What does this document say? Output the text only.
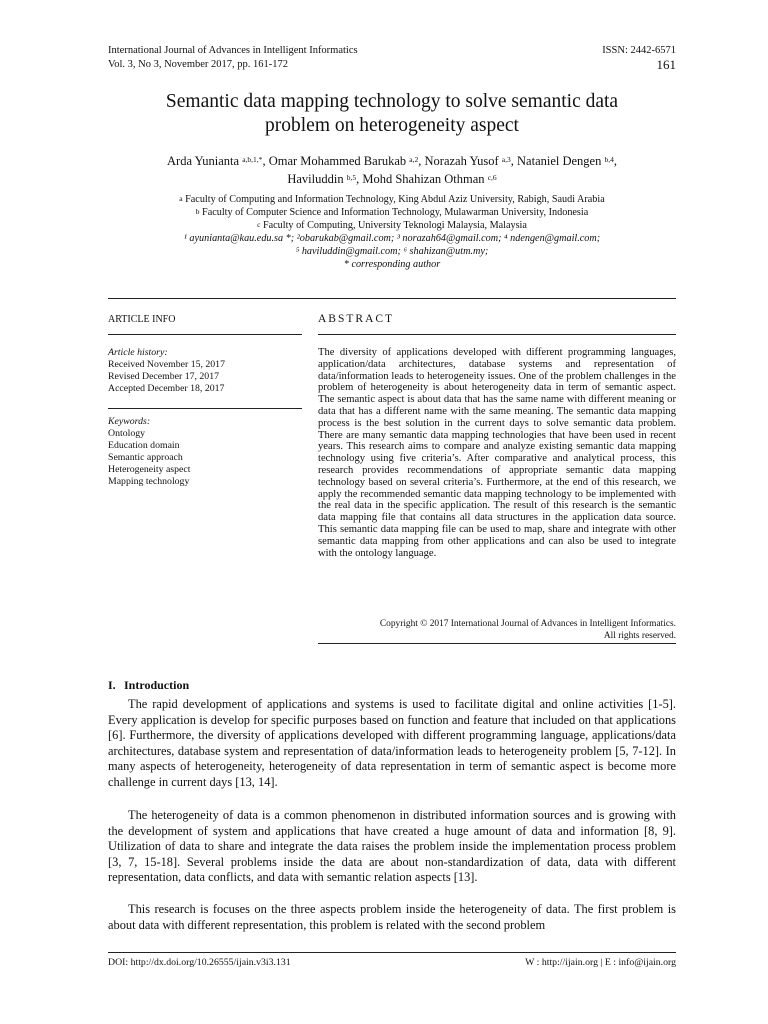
International Journal of Advances in Intelligent Informatics
Vol. 3, No 3, November 2017, pp. 161-172
ISSN: 2442-6571
161
Semantic data mapping technology to solve semantic data
problem on heterogeneity aspect
Arda Yunianta $^{a,b,1,*}$, Omar Mohammed Barukab $^{a,2}$, Norazah Yusof $^{a,3}$, Nataniel Dengen $^{b,4}$,
Haviluddin $^{b,5}$, Mohd Shahizan Othman $^{c,6}$
$^a$ Faculty of Computing and Information Technology, King Abdul Aziz University, Rabigh, Saudi Arabia
$^b$ Faculty of Computer Science and Information Technology, Mulawarman University, Indonesia
$^c$ Faculty of Computing, University Teknologi Malaysia, Malaysia
¹ ayunianta@kau.edu.sa *; ²obarukab@gmail.com; ³ norazah64@gmail.com; ⁴ ndengen@gmail.com;
⁵ haviluddin@gmail.com; ⁶ shahizan@utm.my;
* corresponding author
ARTICLE INFO	ABSTRACT
Article history:
Received November 15, 2017
Revised December 17, 2017
Accepted December 18, 2017
Keywords:
Ontology
Education domain
Semantic approach
Heterogeneity aspect
Mapping technology
The diversity of applications developed with different programming languages, application/data architectures, database systems and representation of data/information leads to heterogeneity issues. One of the problem challenges in the problem of heterogeneity is about heterogeneity data in term of semantic aspect. The semantic aspect is about data that has the same name with different meaning or data that has a different name with the same meaning. The semantic data mapping process is the best solution in the current days to solve semantic data problem. There are many semantic data mapping technologies that have been used in recent years. This research aims to compare and analyze existing semantic data mapping technology using five criteria’s. After comparative and analytical process, this research provides recommendations of appropriate semantic data mapping technology based on several criteria’s. Furthermore, at the end of this research, we apply the recommended semantic data mapping technology to be implemented with the real data in the specific application. The result of this research is the semantic data mapping file that contains all data structures in the application data source. This semantic data mapping file can be used to map, share and integrate with other semantic data mapping from other applications and can also be used to integrate with the ontology language.
Copyright © 2017 International Journal of Advances in Intelligent Informatics.
All rights reserved.
I. Introduction

The rapid development of applications and systems is used to facilitate digital and online activities [1-5]. Every application is develop for specific purposes based on function and feature that included on that applications [6]. Furthermore, the diversity of applications developed with different programming language, applications/data architectures, database system and representation of data/information leads to heterogeneity problem [5, 7-12]. In many aspects of heterogeneity, heterogeneity of data representation in term of semantic aspect is become more challenge in current days [13, 14].

The heterogeneity of data is a common phenomenon in distributed information sources and is growing with the development of system and applications that have created a huge amount of data and information [8, 9]. Utilization of data to share and integrate the data raises the problem inside the implementation process problem [3, 7, 15-18]. Several problems inside the data are about non-standardization of data, data with different representation, data conflicts, and data with semantic relation aspects [13].

This research is focuses on the three aspects problem inside the heterogeneity of data. The first problem is about data with different representation, this problem is related with the second problem

DOI: http://dx.doi.org/10.26555/ijain.v3i3.131	W : http://ijain.org | E : info@ijain.org
